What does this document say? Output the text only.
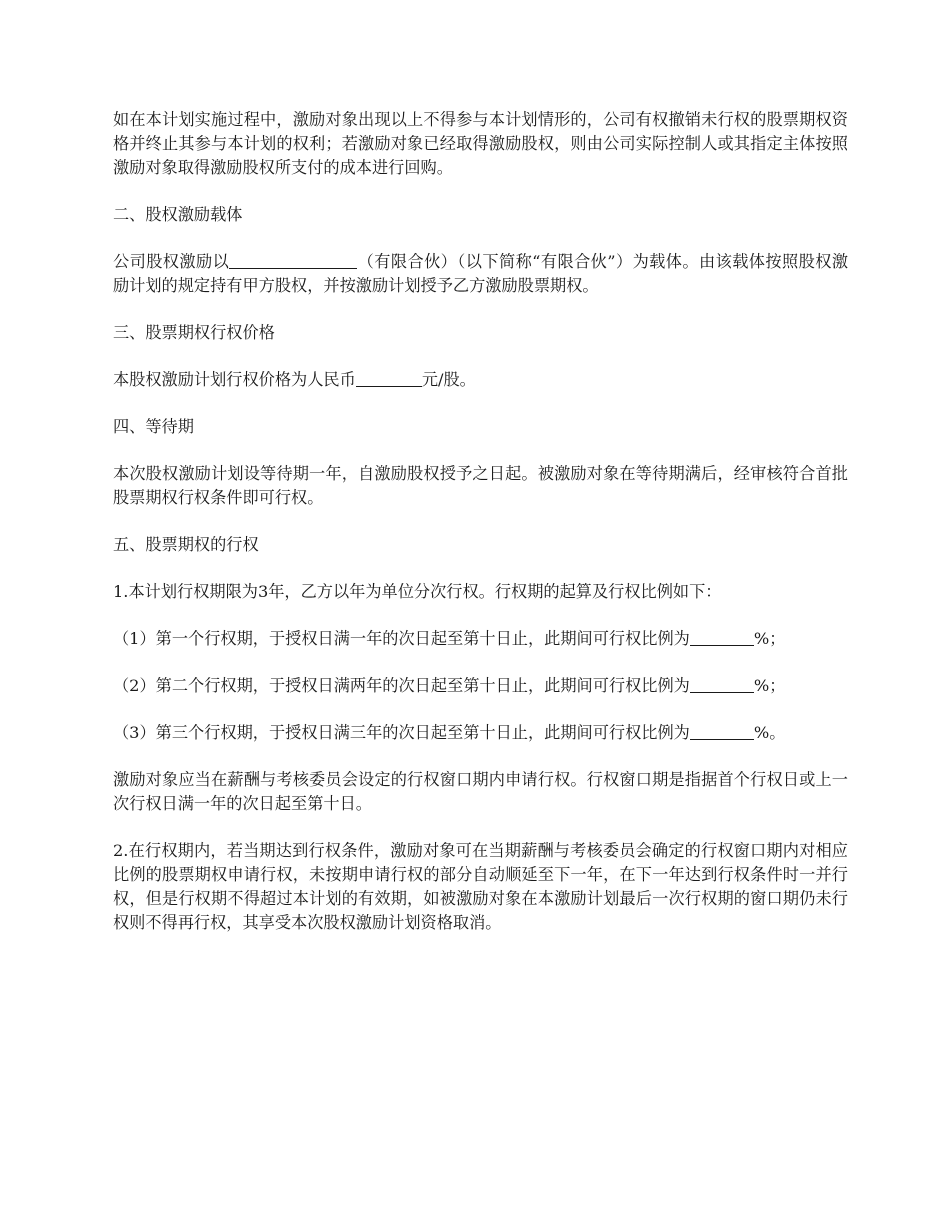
如在本计划实施过程中，激励对象出现以上不得参与本计划情形的，公司有权撤销未行权的股票期权资格并终止其参与本计划的权利；若激励对象已经取得激励股权，则由公司实际控制人或其指定主体按照激励对象取得激励股权所支付的成本进行回购。

二、股权激励载体

公司股权激励以	（有限合伙）（以下简称“有限合伙”）为载体。由该载体按照股权激励计划的规定持有甲方股权，并按激励计划授予乙方激励股票期权。

三、股票期权行权价格

本股权激励计划行权价格为人民币	元/股。

四、等待期

本次股权激励计划设等待期一年，自激励股权授予之日起。被激励对象在等待期满后，经审核符合首批股票期权行权条件即可行权。

五、股票期权的行权

1.本计划行权期限为3年，乙方以年为单位分次行权。行权期的起算及行权比例如下：

（1）第一个行权期，于授权日满一年的次日起至第十日止，此期间可行权比例为	%；

（2）第二个行权期，于授权日满两年的次日起至第十日止，此期间可行权比例为	%；

（3）第三个行权期，于授权日满三年的次日起至第十日止，此期间可行权比例为	%。

激励对象应当在薪酬与考核委员会设定的行权窗口期内申请行权。行权窗口期是指据首个行权日或上一次行权日满一年的次日起至第十日。

2.在行权期内，若当期达到行权条件，激励对象可在当期薪酬与考核委员会确定的行权窗口期内对相应比例的股票期权申请行权，未按期申请行权的部分自动顺延至下一年，在下一年达到行权条件时一并行权，但是行权期不得超过本计划的有效期，如被激励对象在本激励计划最后一次行权期的窗口期仍未行权则不得再行权，其享受本次股权激励计划资格取消。
